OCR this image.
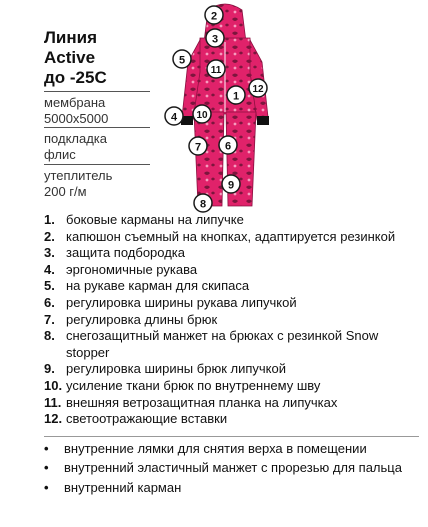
Линия
Active
до -25С
мембрана
5000х5000
подкладка
флис
утеплитель
200 г/м
2
3
5
11
12
1
10
4
7 6
9
8
1. боковые карманы на липучке
2. капюшон съемный на кнопках, адаптируется резинкой
3. защита подбородка
4. эргономичные рукава
5. на рукаве карман для скипаса
6. регулировка ширины рукава липучкой
7. регулировка длины брюк
8. снегозащитный манжет на брюках с резинкой Snow stopper
9. регулировка ширины брюк липучкой
10. усиление ткани брюк по внутреннему шву
11. внешняя ветрозащитная планка на липучках
12. светоотражающие вставки
•	внутренние лямки для снятия верха в помещении
•	внутренний эластичный манжет с прорезью для пальца
•	внутренний карман
